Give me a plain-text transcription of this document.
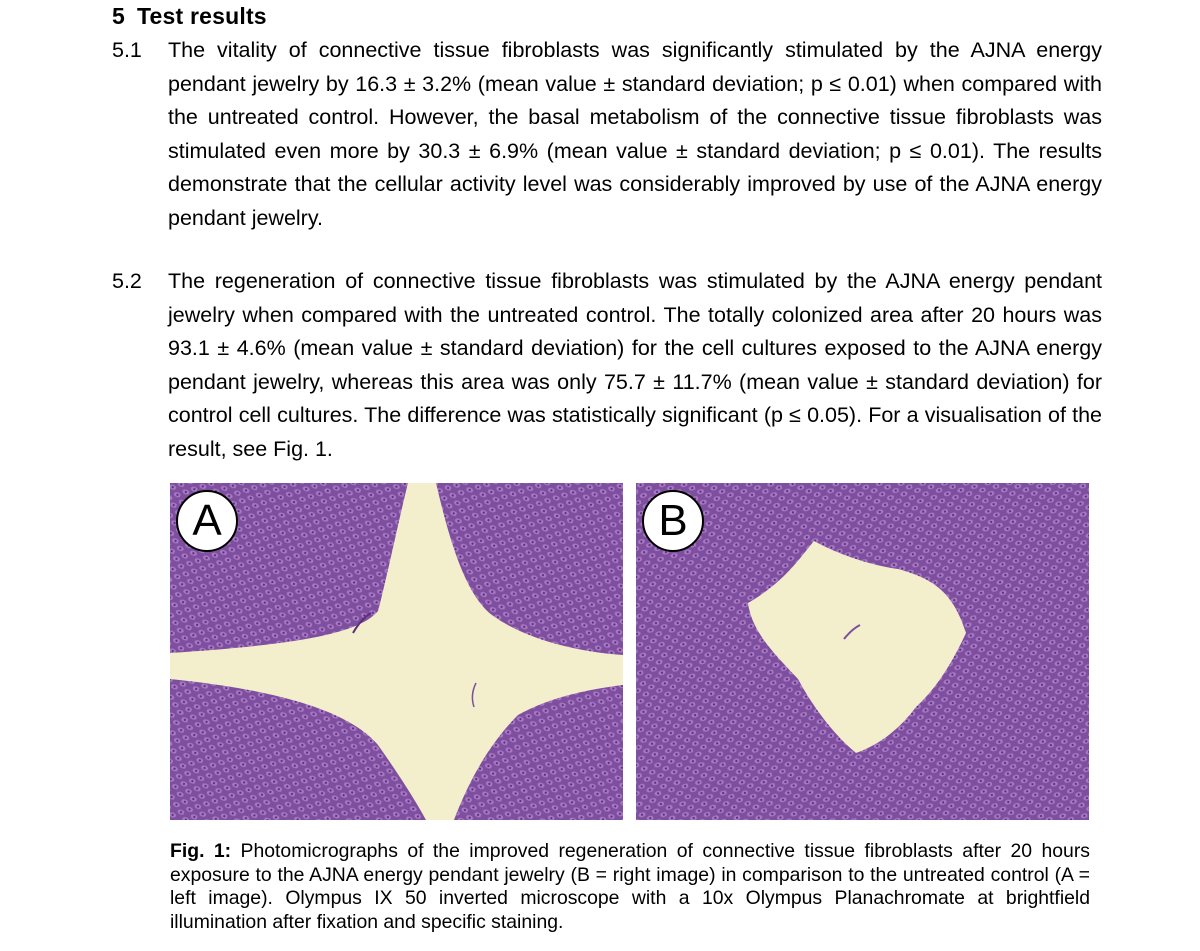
5 Test results
5.1 The vitality of connective tissue fibroblasts was significantly stimulated by the AJNA energy pendant jewelry by 16.3 ± 3.2% (mean value ± standard deviation; p ≤ 0.01) when compared with the untreated control. However, the basal metabolism of the connective tissue fibroblasts was stimulated even more by 30.3 ± 6.9% (mean value ± standard deviation; p ≤ 0.01). The results demonstrate that the cellular activity level was considerably improved by use of the AJNA energy pendant jewelry.
5.2 The regeneration of connective tissue fibroblasts was stimulated by the AJNA energy pendant jewelry when compared with the untreated control. The totally colonized area after 20 hours was 93.1 ± 4.6% (mean value ± standard deviation) for the cell cultures exposed to the AJNA energy pendant jewelry, whereas this area was only 75.7 ± 11.7% (mean value ± standard deviation) for control cell cultures. The difference was statistically significant (p ≤ 0.05). For a visualisation of the result, see Fig. 1.
A	B
Fig. 1: Photomicrographs of the improved regeneration of connective tissue fibroblasts after 20 hours exposure to the AJNA energy pendant jewelry (B = right image) in comparison to the untreated control (A = left image). Olympus IX 50 inverted microscope with a 10x Olympus Planachromate at brightfield illumination after fixation and specific staining.
